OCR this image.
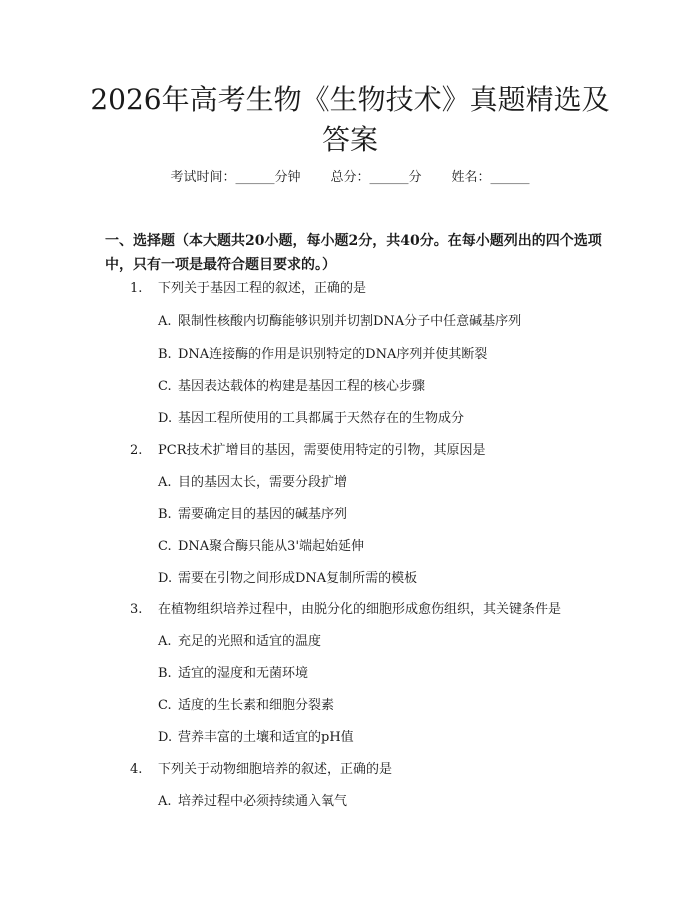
2026年高考生物《生物技术》真题精选及答案
考试时间：______分钟 总分：______分 姓名：______
一、选择题（本大题共20小题，每小题2分，共40分。在每小题列出的四个选项中，只有一项是最符合题目要求的。）
1. 下列关于基因工程的叙述，正确的是
A. 限制性核酸内切酶能够识别并切割DNA分子中任意碱基序列
B. DNA连接酶的作用是识别特定的DNA序列并使其断裂
C. 基因表达载体的构建是基因工程的核心步骤
D. 基因工程所使用的工具都属于天然存在的生物成分
2. PCR技术扩增目的基因，需要使用特定的引物，其原因是
A. 目的基因太长，需要分段扩增
B. 需要确定目的基因的碱基序列
C. DNA聚合酶只能从3'端起始延伸
D. 需要在引物之间形成DNA复制所需的模板
3. 在植物组织培养过程中，由脱分化的细胞形成愈伤组织，其关键条件是
A. 充足的光照和适宜的温度
B. 适宜的湿度和无菌环境
C. 适度的生长素和细胞分裂素
D. 营养丰富的土壤和适宜的pH值
4. 下列关于动物细胞培养的叙述，正确的是
A. 培养过程中必须持续通入氧气
